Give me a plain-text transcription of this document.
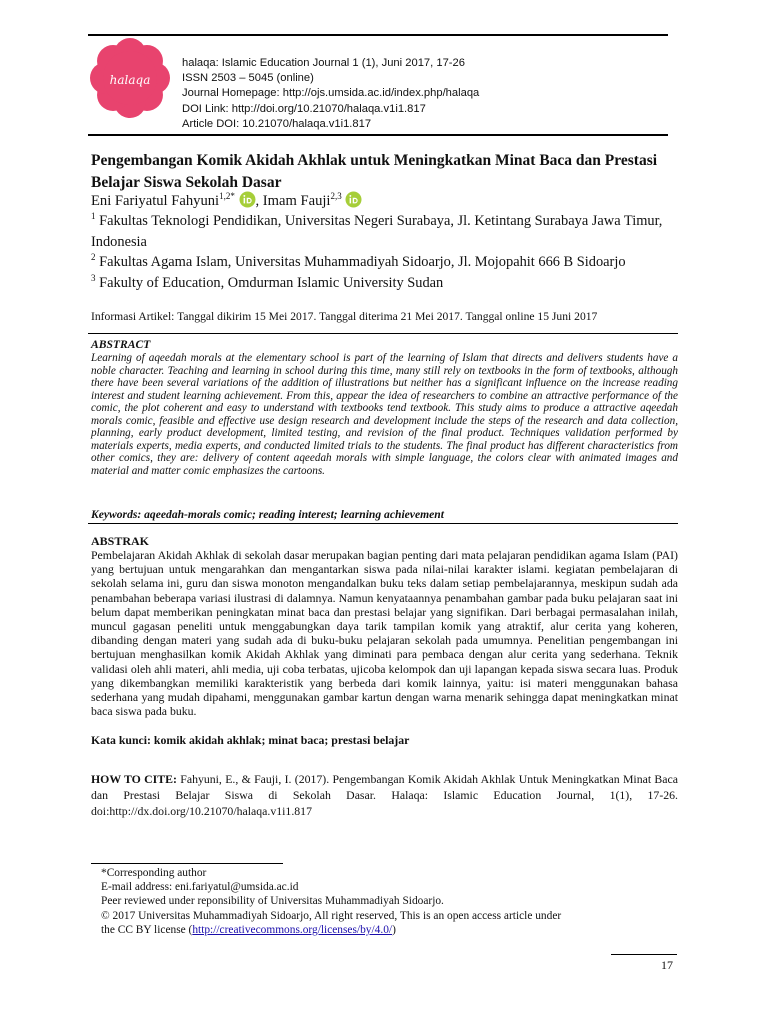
halaqa
halaqa: Islamic Education Journal 1 (1), Juni 2017, 17-26
ISSN 2503 – 5045 (online)
Journal Homepage: http://ojs.umsida.ac.id/index.php/halaqa
DOI Link: http://doi.org/10.21070/halaqa.v1i1.817
Article DOI: 10.21070/halaqa.v1i1.817
Pengembangan Komik Akidah Akhlak untuk Meningkatkan Minat Baca dan Prestasi Belajar Siswa Sekolah Dasar
Eni Fariyatul Fahyuni$^{1,2*}$ , Imam Fauji$^{2,3}$
$^1$ Fakultas Teknologi Pendidikan, Universitas Negeri Surabaya, Jl. Ketintang Surabaya Jawa Timur, Indonesia
$^2$ Fakultas Agama Islam, Universitas Muhammadiyah Sidoarjo, Jl. Mojopahit 666 B Sidoarjo
$^3$ Fakulty of Education, Omdurman Islamic University Sudan
Informasi Artikel: Tanggal dikirim 15 Mei 2017. Tanggal diterima 21 Mei 2017. Tanggal online 15 Juni 2017
ABSTRACT
Learning of aqeedah morals at the elementary school is part of the learning of Islam that directs and delivers students have a noble character. Teaching and learning in school during this time, many still rely on textbooks in the form of textbooks, although there have been several variations of the addition of illustrations but neither has a significant influence on the increase reading interest and student learning achievement. From this, appear the idea of researchers to combine an attractive performance of the comic, the plot coherent and easy to understand with textbooks tend textbook. This study aims to produce a attractive aqeedah morals comic, feasible and effective use design research and development include the steps of the research and data collection, planning, early product development, limited testing, and revision of the final product. Techniques validation performed by materials experts, media experts, and conducted limited trials to the students. The final product has different characteristics from other comics, they are: delivery of content aqeedah morals with simple language, the colors clear with animated images and material and matter comic emphasizes the cartoons.
Keywords: aqeedah-morals comic; reading interest; learning achievement
ABSTRAK
Pembelajaran Akidah Akhlak di sekolah dasar merupakan bagian penting dari mata pelajaran pendidikan agama Islam (PAI) yang bertujuan untuk mengarahkan dan mengantarkan siswa pada nilai-nilai karakter islami. kegiatan pembelajaran di sekolah selama ini, guru dan siswa monoton mengandalkan buku teks dalam setiap pembelajarannya, meskipun sudah ada penambahan beberapa variasi ilustrasi di dalamnya. Namun kenyataannya penambahan gambar pada buku pelajaran saat ini belum dapat memberikan peningkatan minat baca dan prestasi belajar yang signifikan. Dari berbagai permasalahan inilah, muncul gagasan peneliti untuk menggabungkan daya tarik tampilan komik yang atraktif, alur cerita yang koheren, dibanding dengan materi yang sudah ada di buku-buku pelajaran sekolah pada umumnya. Penelitian pengembangan ini bertujuan menghasilkan komik Akidah Akhlak yang diminati para pembaca dengan alur cerita yang sederhana. Teknik validasi oleh ahli materi, ahli media, uji coba terbatas, ujicoba kelompok dan uji lapangan kepada siswa secara luas. Produk yang dikembangkan memiliki karakteristik yang berbeda dari komik lainnya, yaitu: isi materi menggunakan bahasa sederhana yang mudah dipahami, menggunakan gambar kartun dengan warna menarik sehingga dapat meningkatkan minat baca siswa pada buku.
Kata kunci: komik akidah akhlak; minat baca; prestasi belajar
HOW TO CITE: Fahyuni, E., & Fauji, I. (2017). Pengembangan Komik Akidah Akhlak Untuk Meningkatkan Minat Baca dan Prestasi Belajar Siswa di Sekolah Dasar. Halaqa: Islamic Education Journal, 1(1), 17-26. doi:http://dx.doi.org/10.21070/halaqa.v1i1.817
*Corresponding author
E-mail address: eni.fariyatul@umsida.ac.id
Peer reviewed under reponsibility of Universitas Muhammadiyah Sidoarjo.
© 2017 Universitas Muhammadiyah Sidoarjo, All right reserved, This is an open access article under
the CC BY license (http://creativecommons.org/licenses/by/4.0/)
17
